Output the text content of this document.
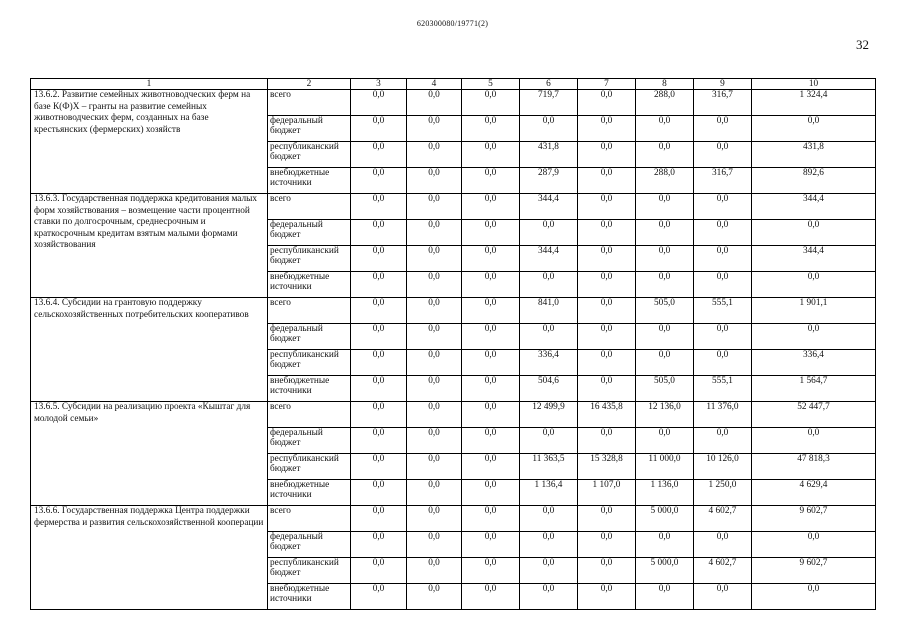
620300080/19771(2)
32
1	2	3	4	5	6	7	8	9	10
13.6.2. Развитие семейных животноводческих ферм на базе К(Ф)Х – гранты на развитие семейных животноводческих ферм, созданных на базе крестьянских (фермерских) хозяйств	всего	0,0	0,0	0,0	719,7	0,0	288,0	316,7	1 324,4
	федеральный бюджет	0,0	0,0	0,0	0,0	0,0	0,0	0,0	0,0
	республиканский бюджет	0,0	0,0	0,0	431,8	0,0	0,0	0,0	431,8
	внебюджетные источники	0,0	0,0	0,0	287,9	0,0	288,0	316,7	892,6
13.6.3. Государственная поддержка кредитования малых форм хозяйствования – возмещение части процентной ставки по долгосрочным, среднесрочным и краткосрочным кредитам взятым малыми формами хозяйствования	всего	0,0	0,0	0,0	344,4	0,0	0,0	0,0	344,4
	федеральный бюджет	0,0	0,0	0,0	0,0	0,0	0,0	0,0	0,0
	республиканский бюджет	0,0	0,0	0,0	344,4	0,0	0,0	0,0	344,4
	внебюджетные источники	0,0	0,0	0,0	0,0	0,0	0,0	0,0	0,0
13.6.4. Субсидии на грантовую поддержку сельскохозяйственных потребительских кооперативов	всего	0,0	0,0	0,0	841,0	0,0	505,0	555,1	1 901,1
	федеральный бюджет	0,0	0,0	0,0	0,0	0,0	0,0	0,0	0,0
	республиканский бюджет	0,0	0,0	0,0	336,4	0,0	0,0	0,0	336,4
	внебюджетные источники	0,0	0,0	0,0	504,6	0,0	505,0	555,1	1 564,7
13.6.5. Субсидии на реализацию проекта «Кыштаг для молодой семьи»	всего	0,0	0,0	0,0	12 499,9	16 435,8	12 136,0	11 376,0	52 447,7
	федеральный бюджет	0,0	0,0	0,0	0,0	0,0	0,0	0,0	0,0
	республиканский бюджет	0,0	0,0	0,0	11 363,5	15 328,8	11 000,0	10 126,0	47 818,3
	внебюджетные источники	0,0	0,0	0,0	1 136,4	1 107,0	1 136,0	1 250,0	4 629,4
13.6.6. Государственная поддержка Центра поддержки фермерства и развития сельскохозяйственной кооперации	всего	0,0	0,0	0,0	0,0	0,0	5 000,0	4 602,7	9 602,7
	федеральный бюджет	0,0	0,0	0,0	0,0	0,0	0,0	0,0	0,0
	республиканский бюджет	0,0	0,0	0,0	0,0	0,0	5 000,0	4 602,7	9 602,7
	внебюджетные источники	0,0	0,0	0,0	0,0	0,0	0,0	0,0	0,0
